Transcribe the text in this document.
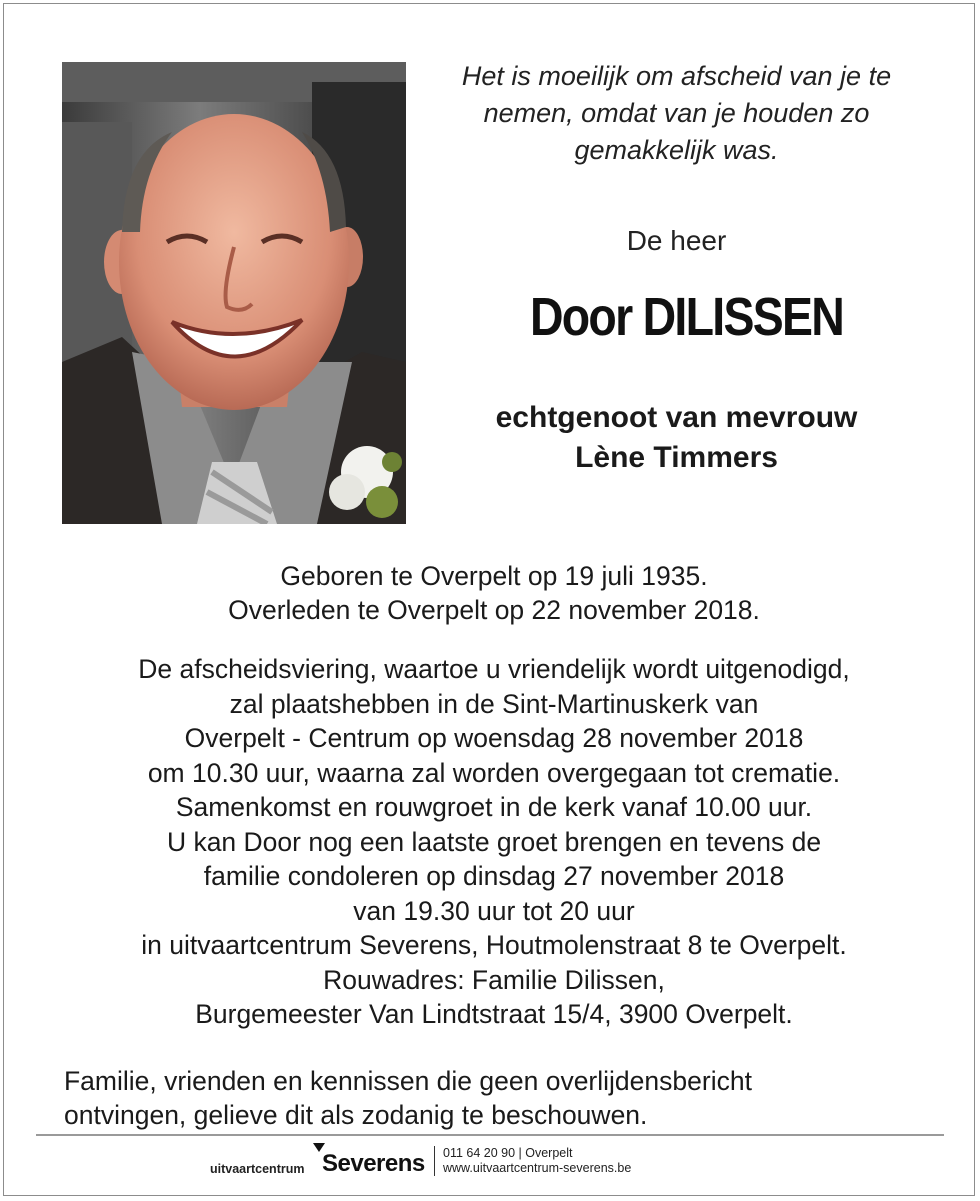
Het is moeilijk om afscheid van je te
nemen, omdat van je houden zo
gemakkelijk was.
De heer
Door DILISSEN
echtgenoot van mevrouw
Lène Timmers
Geboren te Overpelt op 19 juli 1935.
Overleden te Overpelt op 22 november 2018.
De afscheidsviering, waartoe u vriendelijk wordt uitgenodigd,
zal plaatshebben in de Sint-Martinuskerk van
Overpelt - Centrum op woensdag 28 november 2018
om 10.30 uur, waarna zal worden overgegaan tot crematie.
Samenkomst en rouwgroet in de kerk vanaf 10.00 uur.
U kan Door nog een laatste groet brengen en tevens de
familie condoleren op dinsdag 27 november 2018
van 19.30 uur tot 20 uur
in uitvaartcentrum Severens, Houtmolenstraat 8 te Overpelt.
Rouwadres: Familie Dilissen,
Burgemeester Van Lindtstraat 15/4, 3900 Overpelt.
Familie, vrienden en kennissen die geen overlijdensbericht
ontvingen, gelieve dit als zodanig te beschouwen.
uitvaartcentrum Severens 011 64 20 90 | Overpelt
www.uitvaartcentrum-severens.be
